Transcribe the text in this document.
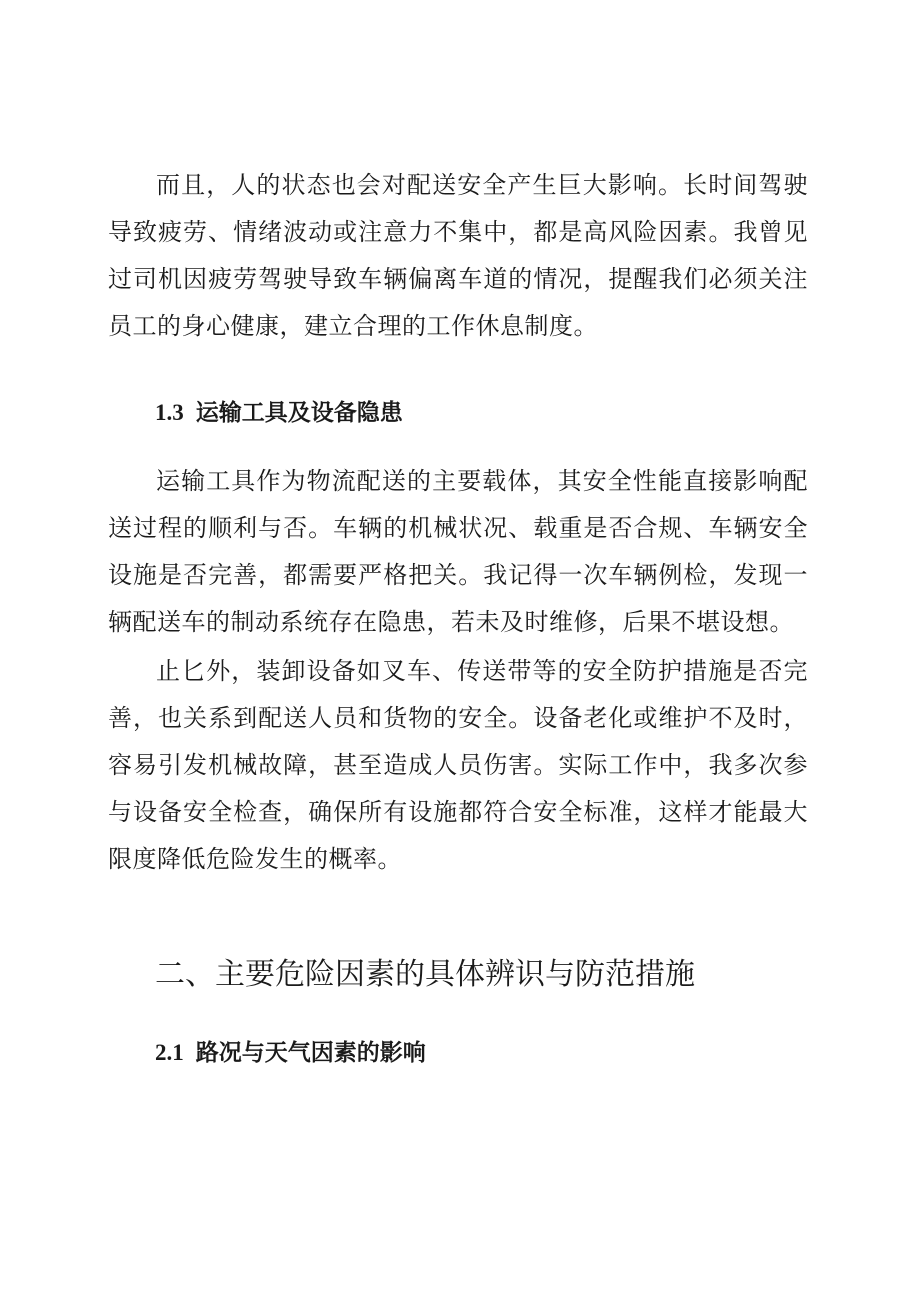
而且，人的状态也会对配送安全产生巨大影响。长时间驾驶导致疲劳、情绪波动或注意力不集中，都是高风险因素。我曾见过司机因疲劳驾驶导致车辆偏离车道的情况，提醒我们必须关注员工的身心健康，建立合理的工作休息制度。

1.3 运输工具及设备隐患

运输工具作为物流配送的主要载体，其安全性能直接影响配送过程的顺利与否。车辆的机械状况、载重是否合规、车辆安全设施是否完善，都需要严格把关。我记得一次车辆例检，发现一辆配送车的制动系统存在隐患，若未及时维修，后果不堪设想。

止匕外，装卸设备如叉车、传送带等的安全防护措施是否完善，也关系到配送人员和货物的安全。设备老化或维护不及时，容易引发机械故障，甚至造成人员伤害。实际工作中，我多次参与设备安全检查，确保所有设施都符合安全标准，这样才能最大限度降低危险发生的概率。

二、主要危险因素的具体辨识与防范措施
2.1 路况与天气因素的影响
